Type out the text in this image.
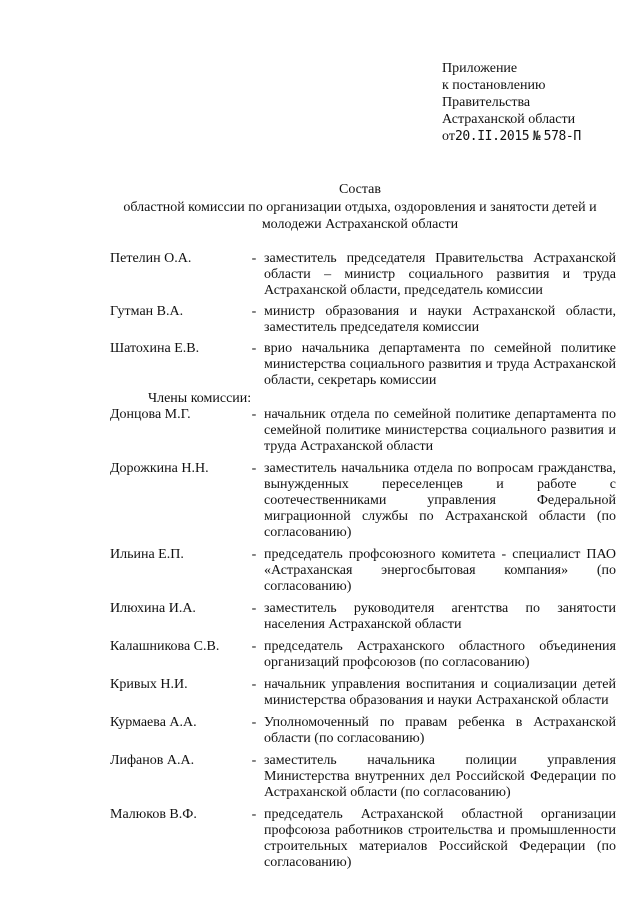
Приложение
к постановлению
Правительства
Астраханской области
от20.II.2015 № 578-П
Состав
областной комиссии по организации отдыха, оздоровления и занятости детей и молодежи Астраханской области
Петелин О.А.	- заместитель председателя Правительства Астраханской области – министр социального развития и труда Астраханской области, председатель комиссии
Гутман В.А.	- министр образования и науки Астраханской области, заместитель председателя комиссии
Шатохина Е.В.	- врио начальника департамента по семейной политике министерства социального развития и труда Астраханской области, секретарь комиссии
Члены комиссии:
Донцова М.Г.	- начальник отдела по семейной политике департамента по семейной политике министерства социального развития и труда Астраханской области
Дорожкина Н.Н.	- заместитель начальника отдела по вопросам гражданства, вынужденных переселенцев и работе с соотечественниками управления Федеральной миграционной службы по Астраханской области (по согласованию)
Ильина Е.П.	- председатель профсоюзного комитета - специалист ПАО «Астраханская энергосбытовая компания» (по согласованию)
Илюхина И.А.	- заместитель руководителя агентства по занятости населения Астраханской области
Калашникова С.В.	- председатель Астраханского областного объединения организаций профсоюзов (по согласованию)
Кривых Н.И.	- начальник управления воспитания и социализации детей министерства образования и науки Астраханской области
Курмаева А.А.	- Уполномоченный по правам ребенка в Астраханской области (по согласованию)
Лифанов А.А.	- заместитель начальника полиции управления Министерства внутренних дел Российской Федерации по Астраханской области (по согласованию)
Малюков В.Ф.	- председатель Астраханской областной организации профсоюза работников строительства и промышленности строительных материалов Российской Федерации (по согласованию)
